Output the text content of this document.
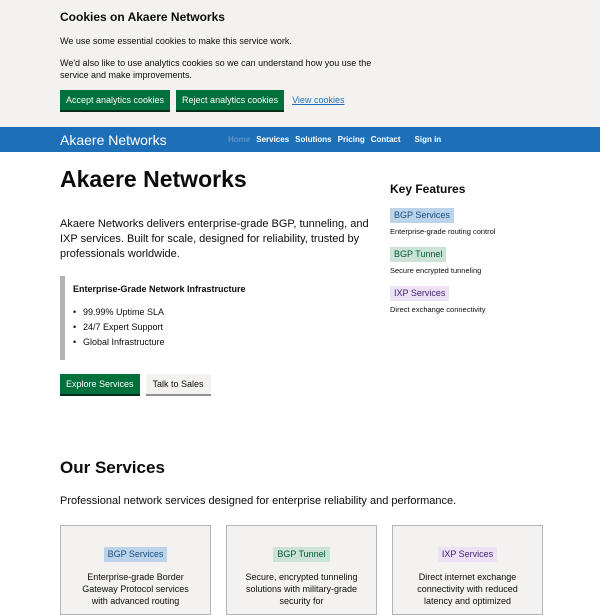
Cookies on Akaere Networks

We use some essential cookies to make this service work.

We'd also like to use analytics cookies so we can understand how you use the service and make improvements.

Accept analytics cookies	Reject analytics cookies	View cookies
Akaere Networks	Home Services Solutions Pricing Contact Sign in
Akaere Networks

Akaere Networks delivers enterprise-grade BGP, tunneling, and IXP services. Built for scale, designed for reliability, trusted by professionals worldwide.

Enterprise-Grade Network Infrastructure
• 99.99% Uptime SLA
• 24/7 Expert Support
• Global Infrastructure
Explore Services	Talk to Sales
Key Features
BGP Services
Enterprise-grade routing control
BGP Tunnel
Secure encrypted tunneling
IXP Services
Direct exchange connectivity
Our Services

Professional network services designed for enterprise reliability and performance.

BGP Services
Enterprise-grade Border Gateway Protocol services with advanced routing
BGP Tunnel
Secure, encrypted tunneling solutions with military-grade security for
IXP Services
Direct internet exchange connectivity with reduced latency and optimized
